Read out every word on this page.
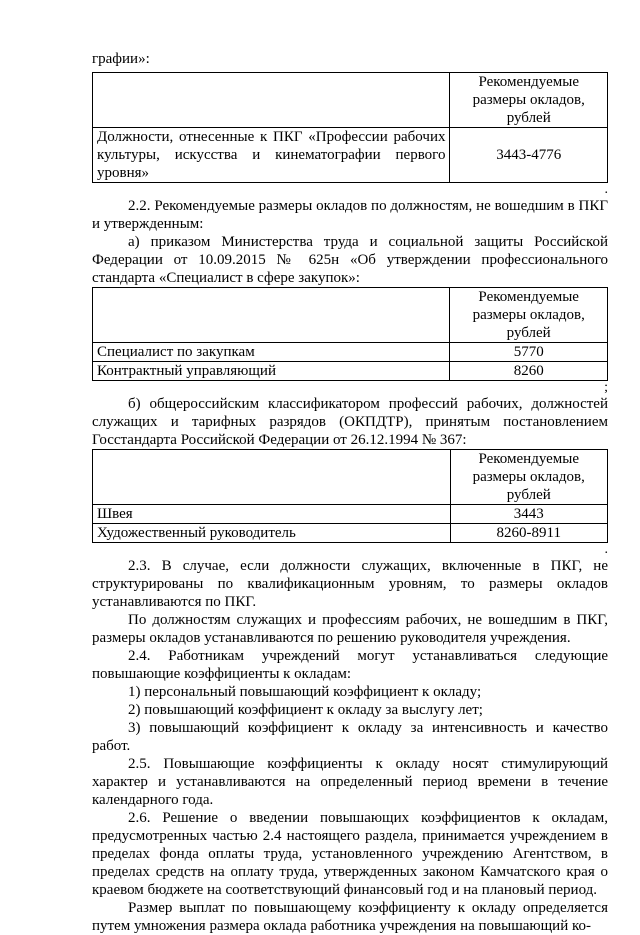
графии»:
	Рекомендуемые размеры окладов, рублей
Должности, отнесенные к ПКГ «Профессии рабочих культуры, искусства и кинематографии первого уровня»	3443-4776
.
2.2. Рекомендуемые размеры окладов по должностям, не вошедшим в ПКГ и утвержденным:
а) приказом Министерства труда и социальной защиты Российской Федерации от 10.09.2015 № 625н «Об утверждении профессионального стандарта «Специалист в сфере закупок»:
	Рекомендуемые размеры окладов, рублей
Специалист по закупкам	5770
Контрактный управляющий	8260
;
б) общероссийским классификатором профессий рабочих, должностей служащих и тарифных разрядов (ОКПДТР), принятым постановлением Госстандарта Российской Федерации от 26.12.1994 № 367:
	Рекомендуемые размеры окладов, рублей
Швея	3443
Художественный руководитель	8260-8911
.
2.3. В случае, если должности служащих, включенные в ПКГ, не структурированы по квалификационным уровням, то размеры окладов устанавливаются по ПКГ.
По должностям служащих и профессиям рабочих, не вошедшим в ПКГ, размеры окладов устанавливаются по решению руководителя учреждения.
2.4. Работникам учреждений могут устанавливаться следующие повышающие коэффициенты к окладам:
1) персональный повышающий коэффициент к окладу;
2) повышающий коэффициент к окладу за выслугу лет;
3) повышающий коэффициент к окладу за интенсивность и качество работ.
2.5. Повышающие коэффициенты к окладу носят стимулирующий характер и устанавливаются на определенный период времени в течение календарного года.
2.6. Решение о введении повышающих коэффициентов к окладам, предусмотренных частью 2.4 настоящего раздела, принимается учреждением в пределах фонда оплаты труда, установленного учреждению Агентством, в пределах средств на оплату труда, утвержденных законом Камчатского края о краевом бюджете на соответствующий финансовый год и на плановый период.
Размер выплат по повышающему коэффициенту к окладу определяется путем умножения размера оклада работника учреждения на повышающий ко-
